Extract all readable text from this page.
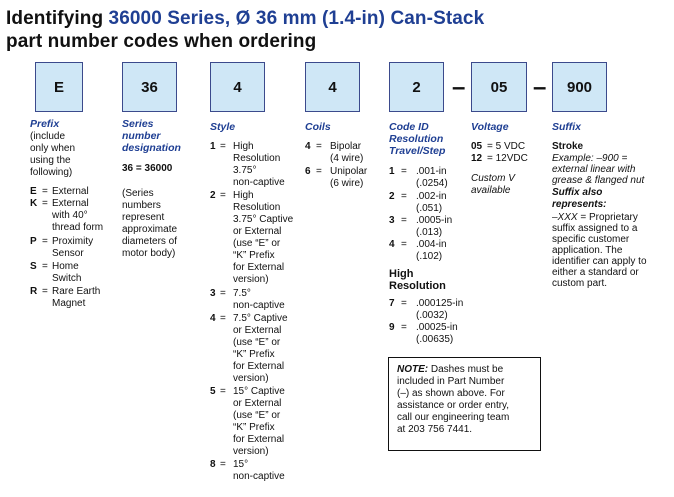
Identifying 36000 Series, Ø 36 mm (1.4-in) Can-Stack
part number codes when ordering
E	36	4	4	2	–	05	–	900
Prefix
(include
only when
using the
following)
E = External
K = External
with 40°
thread form
P = Proximity
Sensor
S = Home
Switch
R = Rare Earth
Magnet
Series
number
designation
36 = 36000
(Series
numbers
represent
approximate
diameters of
motor body)
Style
1 = High
Resolution
3.75°
non-captive
2 = High
Resolution
3.75° Captive
or External
(use “E” or
“K” Prefix
for External
version)
3 = 7.5°
non-captive
4 = 7.5° Captive
or External
(use “E” or
“K” Prefix
for External
version)
5 = 15° Captive
or External
(use “E” or
“K” Prefix
for External
version)
8 = 15°
non-captive
Coils
4 = Bipolar
(4 wire)
6 = Unipolar
(6 wire)
Code ID
Resolution
Travel/Step
1 = .001-in
(.0254)
2 = .002-in
(.051)
3 = .0005-in
(.013)
4 = .004-in
(.102)
High
Resolution
7 = .000125-in
(.0032)
9 = .00025-in
(.00635)
Voltage
05 = 5 VDC
12 = 12VDC
Custom V
available
Suffix
Stroke
Example: –900 =
external linear with
grease & flanged nut
Suffix also
represents:
–XXX = Proprietary
suffix assigned to a
specific customer
application. The
identifier can apply to
either a standard or
custom part.
NOTE: Dashes must be
included in Part Number
(–) as shown above. For
assistance or order entry,
call our engineering team
at 203 756 7441.
